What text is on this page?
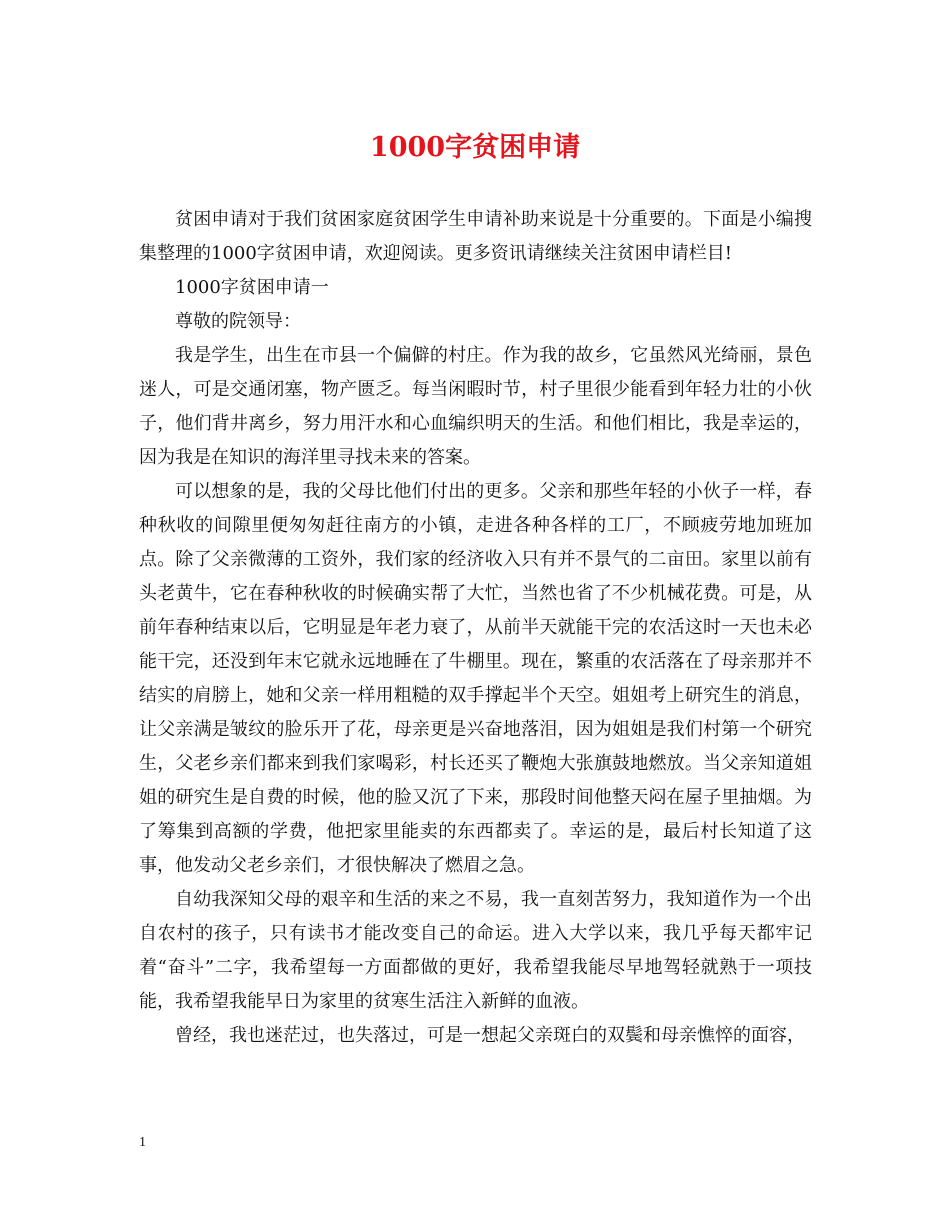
1000字贫困申请

贫困申请对于我们贫困家庭贫困学生申请补助来说是十分重要的。下面是小编搜集整理的1000字贫困申请，欢迎阅读。更多资讯请继续关注贫困申请栏目!

1000字贫困申请一

尊敬的院领导：

我是学生，出生在市县一个偏僻的村庄。作为我的故乡，它虽然风光绮丽，景色迷人，可是交通闭塞，物产匮乏。每当闲暇时节，村子里很少能看到年轻力壮的小伙子，他们背井离乡，努力用汗水和心血编织明天的生活。和他们相比，我是幸运的，因为我是在知识的海洋里寻找未来的答案。

可以想象的是，我的父母比他们付出的更多。父亲和那些年轻的小伙子一样，春种秋收的间隙里便匆匆赶往南方的小镇，走进各种各样的工厂，不顾疲劳地加班加点。除了父亲微薄的工资外，我们家的经济收入只有并不景气的二亩田。家里以前有头老黄牛，它在春种秋收的时候确实帮了大忙，当然也省了不少机械花费。可是，从前年春种结束以后，它明显是年老力衰了，从前半天就能干完的农活这时一天也未必能干完，还没到年末它就永远地睡在了牛棚里。现在，繁重的农活落在了母亲那并不结实的肩膀上，她和父亲一样用粗糙的双手撑起半个天空。姐姐考上研究生的消息，让父亲满是皱纹的脸乐开了花，母亲更是兴奋地落泪，因为姐姐是我们村第一个研究生，父老乡亲们都来到我们家喝彩，村长还买了鞭炮大张旗鼓地燃放。当父亲知道姐姐的研究生是自费的时候，他的脸又沉了下来，那段时间他整天闷在屋子里抽烟。为了筹集到高额的学费，他把家里能卖的东西都卖了。幸运的是，最后村长知道了这事，他发动父老乡亲们，才很快解决了燃眉之急。

自幼我深知父母的艰辛和生活的来之不易，我一直刻苦努力，我知道作为一个出自农村的孩子，只有读书才能改变自己的命运。进入大学以来，我几乎每天都牢记着“奋斗”二字，我希望每一方面都做的更好，我希望我能尽早地驾轻就熟于一项技能，我希望我能早日为家里的贫寒生活注入新鲜的血液。

曾经，我也迷茫过，也失落过，可是一想起父亲斑白的双鬓和母亲憔悴的面容，

1
